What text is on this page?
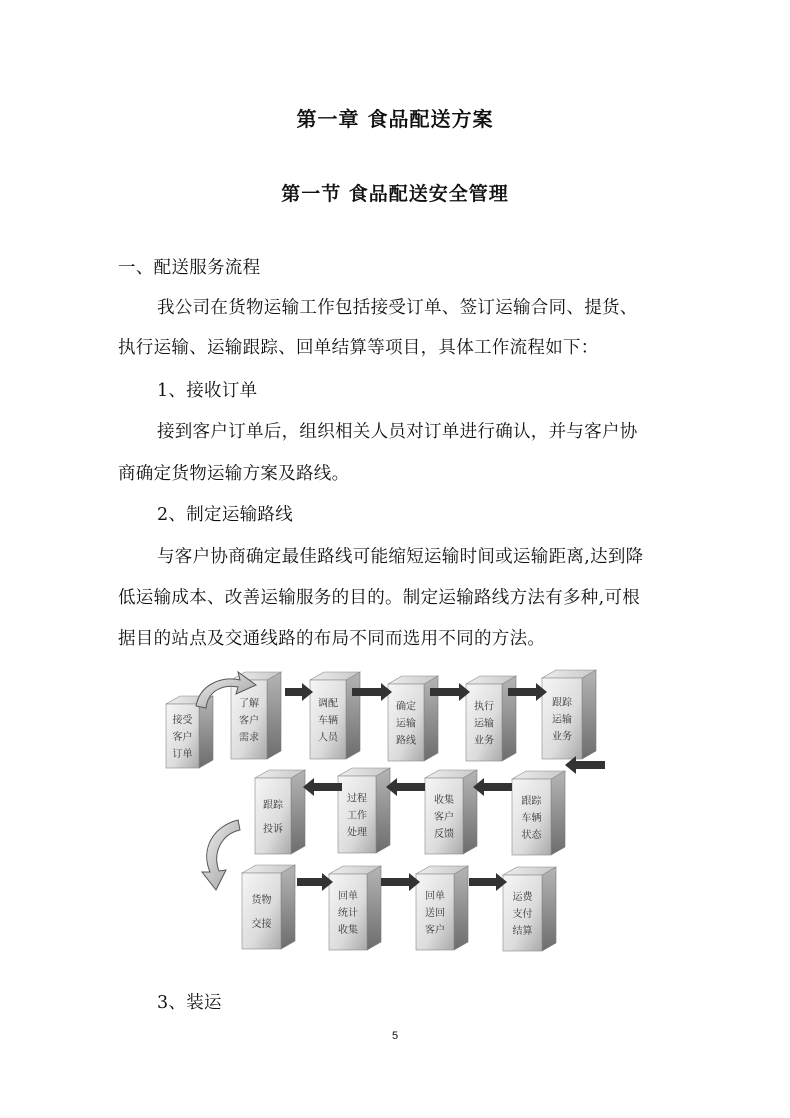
第一章 食品配送方案
第一节 食品配送安全管理
一、配送服务流程
我公司在货物运输工作包括接受订单、签订运输合同、提货、
执行运输、运输跟踪、回单结算等项目，具体工作流程如下：
1、接收订单
接到客户订单后，组织相关人员对订单进行确认，并与客户协
商确定货物运输方案及路线。
2、制定运输路线
与客户协商确定最佳路线可能缩短运输时间或运输距离,达到降
低运输成本、改善运输服务的目的。制定运输路线方法有多种,可根
据目的站点及交通线路的布局不同而选用不同的方法。
接受
客户
订单
了解
客户
需求
调配
车辆
人员
确定
运输
路线
执行
运输
业务
跟踪
运输
业务
跟踪
投诉
过程
工作
处理
收集
客户
反馈
跟踪
车辆
状态
货物
交接
回单
统计
收集
回单
送回
客户
运费
支付
结算
3、装运
5
